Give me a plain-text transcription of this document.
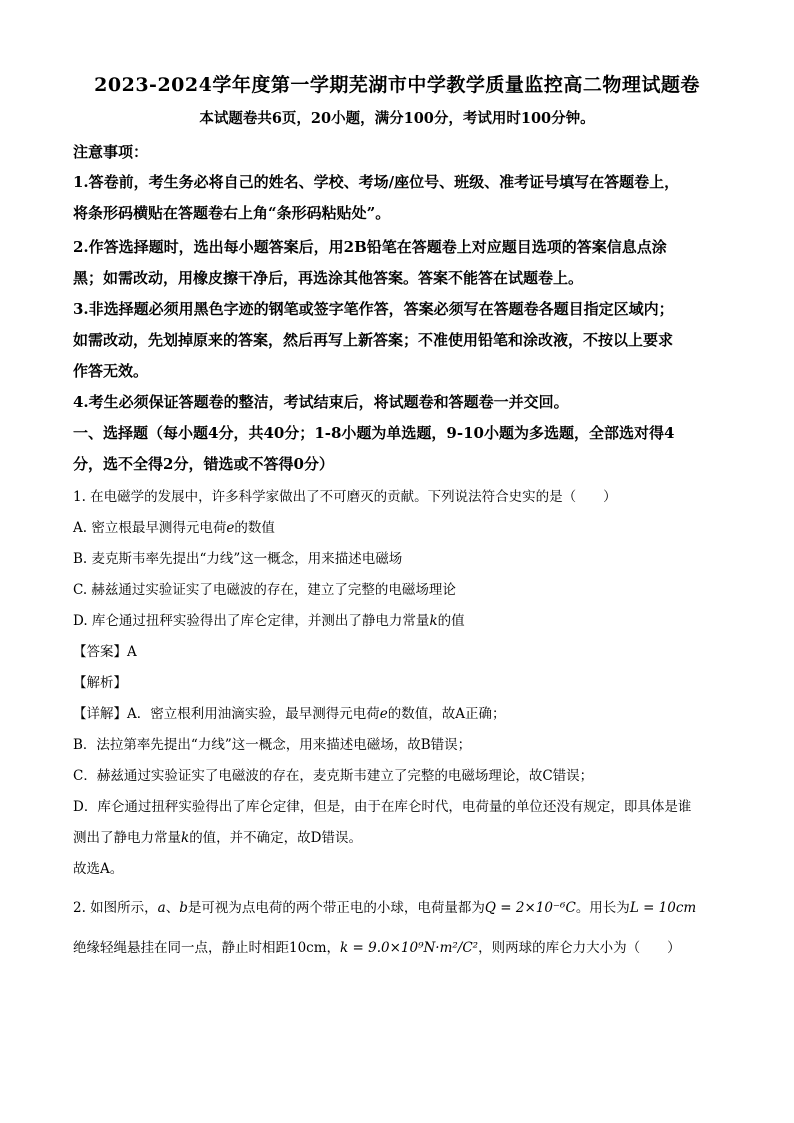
2023-2024学年度第一学期芜湖市中学教学质量监控高二物理试题卷
本试题卷共6页，20小题，满分100分，考试用时100分钟。
注意事项：
1.答卷前，考生务必将自己的姓名、学校、考场/座位号、班级、准考证号填写在答题卷上，
将条形码横贴在答题卷右上角“条形码粘贴处”。
2.作答选择题时，选出每小题答案后，用2B铅笔在答题卷上对应题目选项的答案信息点涂
黑；如需改动，用橡皮擦干净后，再选涂其他答案。答案不能答在试题卷上。
3.非选择题必须用黑色字迹的钢笔或签字笔作答，答案必须写在答题卷各题目指定区域内；
如需改动，先划掉原来的答案，然后再写上新答案；不准使用铅笔和涂改液，不按以上要求
作答无效。
4.考生必须保证答题卷的整洁，考试结束后，将试题卷和答题卷一并交回。
一、选择题（每小题4分，共40分；1-8小题为单选题，9-10小题为多选题，全部选对得4
分，选不全得2分，错选或不答得0分）
1. 在电磁学的发展中，许多科学家做出了不可磨灭的贡献。下列说法符合史实的是（　　）
A. 密立根最早测得元电荷e的数值
B. 麦克斯韦率先提出“力线”这一概念，用来描述电磁场
C. 赫兹通过实验证实了电磁波的存在，建立了完整的电磁场理论
D. 库仑通过扭秤实验得出了库仑定律，并测出了静电力常量k的值
【答案】A
【解析】
【详解】A．密立根利用油滴实验，最早测得元电荷e的数值，故A正确；
B．法拉第率先提出“力线”这一概念，用来描述电磁场，故B错误；
C．赫兹通过实验证实了电磁波的存在，麦克斯韦建立了完整的电磁场理论，故C错误；
D．库仑通过扭秤实验得出了库仑定律，但是，由于在库仑时代，电荷量的单位还没有规定，即具体是谁
测出了静电力常量k的值，并不确定，故D错误。
故选A。
2. 如图所示，a、b是可视为点电荷的两个带正电的小球，电荷量都为Q = 2×10⁻⁶C。用长为L = 10cm
绝缘轻绳悬挂在同一点，静止时相距10cm，k = 9.0×10⁹N·m²/C²，则两球的库仑力大小为（　　）
